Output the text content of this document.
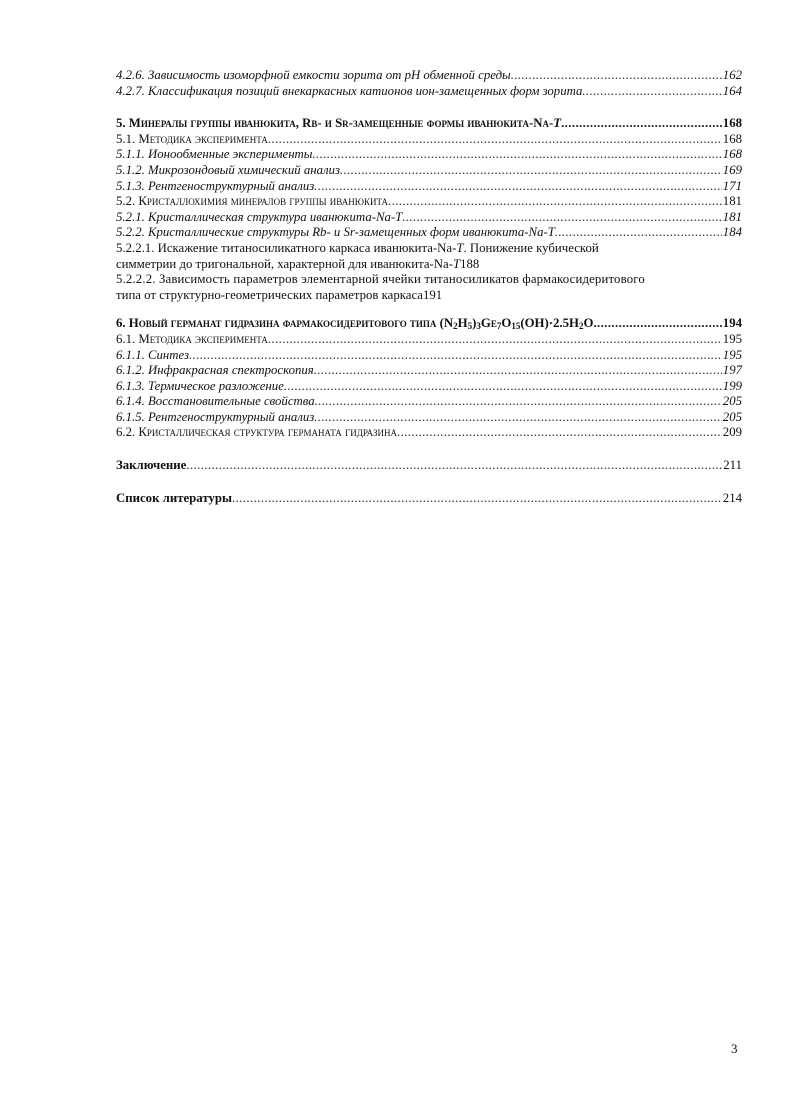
4.2.6. Зависимость изоморфной емкости зорита от pH обменной среды .....	162
4.2.7. Классификация позиций внекаркасных катионов ион-замещенных форм зорита .....	164
5. Минералы группы иванюкита, Rb- и Sr-замещенные формы иванюкита-Na-T .....	168
5.1. Методика эксперимента .....	168
5.1.1. Ионообменные эксперименты .....	168
5.1.2. Микрозондовый химический анализ .....	169
5.1.3. Рентгеноструктурный анализ .....	171
5.2. Кристаллохимия минералов группы иванюкита .....	181
5.2.1. Кристаллическая структура иванюкита-Na-T .....	181
5.2.2. Кристаллические структуры Rb- и Sr-замещенных форм иванюкита-Na-T .....	184
5.2.2.1. Искажение титаносиликатного каркаса иванюкита-Na-T. Понижение кубической
симметрии до тригональной, характерной для иванюкита-Na-T 188
5.2.2.2. Зависимость параметров элементарной ячейки титаносиликатов фармакосидеритового
типа от структурно-геометрических параметров каркаса 191
6. Новый германат гидразина фармакосидеритового типа $(N_2H_5)_3Ge_7O_{15}(OH)\cdot 2.5H_2O$ .....	194
6.1. Методика эксперимента .....	195
6.1.1. Синтез .....	195
6.1.2. Инфракрасная спектроскопия .....	197
6.1.3. Термическое разложение .....	199
6.1.4. Восстановительные свойства .....	205
6.1.5. Рентгеноструктурный анализ .....	205
6.2. Кристаллическая структура германата гидразина .....	209
Заключение .....	211
Список литературы .....	214
3
